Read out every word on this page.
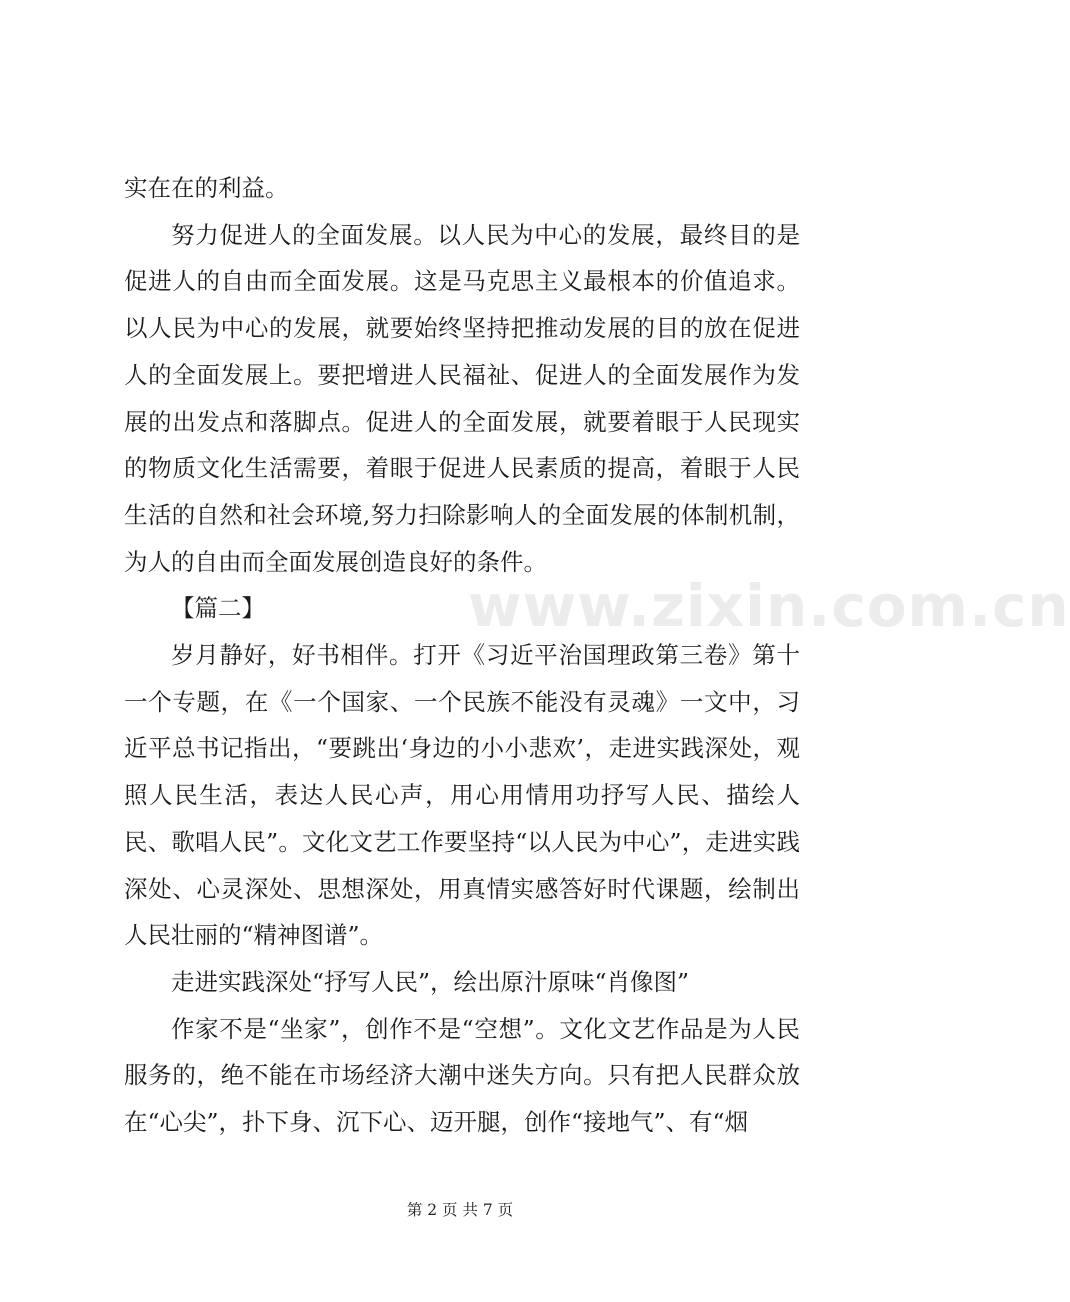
实在在的利益。

努力促进人的全面发展。以人民为中心的发展，最终目的是促进人的自由而全面发展。这是马克思主义最根本的价值追求。以人民为中心的发展，就要始终坚持把推动发展的目的放在促进人的全面发展上。要把增进人民福祉、促进人的全面发展作为发展的出发点和落脚点。促进人的全面发展，就要着眼于人民现实的物质文化生活需要，着眼于促进人民素质的提高，着眼于人民生活的自然和社会环境,努力扫除影响人的全面发展的体制机制，为人的自由而全面发展创造良好的条件。

【篇二】

岁月静好，好书相伴。打开《习近平治国理政第三卷》第十一个专题，在《一个国家、一个民族不能没有灵魂》一文中，习近平总书记指出，“要跳出‘身边的小小悲欢’，走进实践深处，观照人民生活，表达人民心声，用心用情用功抒写人民、描绘人民、歌唱人民”。文化文艺工作要坚持“以人民为中心”，走进实践深处、心灵深处、思想深处，用真情实感答好时代课题，绘制出人民壮丽的“精神图谱”。

走进实践深处“抒写人民”，绘出原汁原味“肖像图”

作家不是“坐家”，创作不是“空想”。文化文艺作品是为人民服务的，绝不能在市场经济大潮中迷失方向。只有把人民群众放在“心尖”，扑下身、沉下心、迈开腿，创作“接地气”、有“烟

www.zixin.com.cn
第 2 页 共 7 页
